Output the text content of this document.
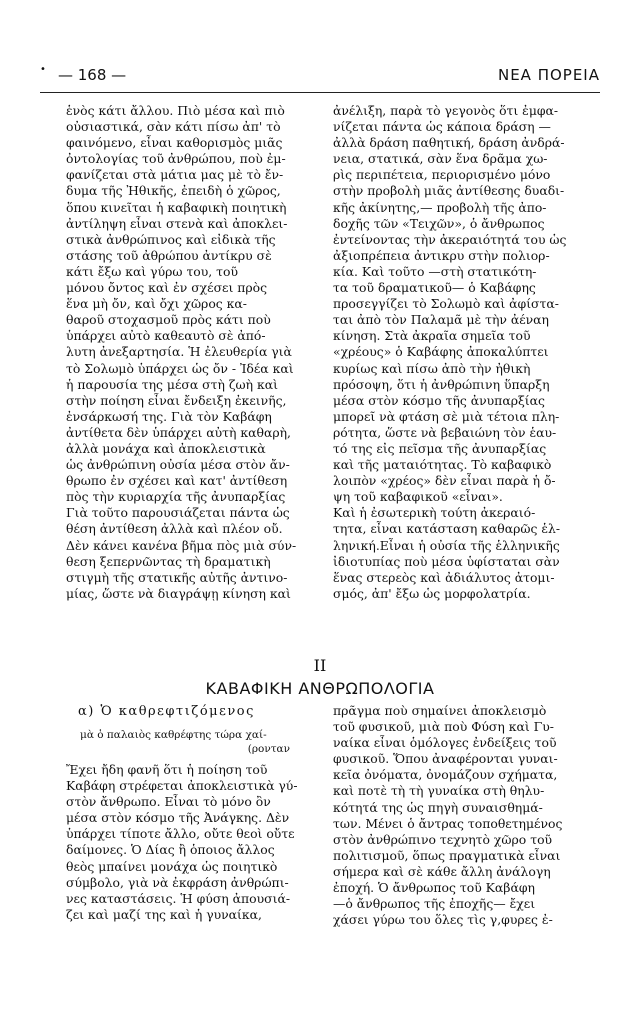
• — 168 —	ΝΕΑ ΠΟΡΕΙΑ
ἑνὸς κάτι ἄλλου. Πιὸ μέσα καὶ πιὸ
οὐσιαστικά, σὰν κάτι πίσω ἀπ' τὸ
φαινόμενο, εἶναι καθορισμὸς μιᾶς
ὀντολογίας τοῦ ἀνθρώπου, ποὺ ἐμ-
φανίζεται στὰ μάτια μας μὲ τὸ ἔν-
δυμα τῆς Ἠθικῆς, ἐπειδὴ ὁ χῶρος,
ὅπου κινεῖται ἡ καβαφικὴ ποιητικὴ
ἀντίληψη εἶναι στενὰ καὶ ἀποκλει-
στικὰ ἀνθρώπινος καὶ εἰδικὰ τῆς
στάσης τοῦ ἀθρώπου ἀντίκρυ σὲ
κάτι ἔξω καὶ γύρω του, τοῦ
μόνου ὄντος καὶ ἐν σχέσει πρὸς
ἕνα μὴ ὄν, καὶ ὄχι χῶρος κα-
θαροῦ στοχασμοῦ πρὸς κάτι ποὺ
ὑπάρχει αὐτὸ καθεαυτὸ σὲ ἀπό-
λυτη ἀνεξαρτησία. Ἡ ἐλευθερία γιὰ
τὸ Σολωμὸ ὑπάρχει ὡς ὄν - Ἰδέα καὶ
ἡ παρουσία της μέσα στὴ ζωὴ καὶ
στὴν ποίηση εἶναι ἔνδειξη ἐκεινῆς,
ἐνσάρκωσή της. Γιὰ τὸν Καβάφη
ἀντίθετα δὲν ὑπάρχει αὐτὴ καθαρὴ,
ἀλλὰ μονάχα καὶ ἀποκλειστικὰ
ὡς ἀνθρώπινη οὐσία μέσα στὸν ἄν-
θρωπο ἐν σχέσει καὶ κατ' ἀντίθεση
πὸς τὴν κυριαρχία τῆς ἀνυπαρξίας
Γιὰ τοῦτο παρουσιάζεται πάντα ὡς
θέση ἀντίθεση ἀλλὰ καὶ πλέον οὔ.
Δὲν κάνει κανένα βῆμα πὸς μιὰ σύν-
θεση ξεπερνῶντας τὴ δραματικὴ
στιγμὴ τῆς στατικῆς αὐτῆς ἀντινο-
μίας, ὥστε νὰ διαγράψῃ κίνηση καὶ
ἀνέλιξη, παρὰ τὸ γεγονὸς ὅτι ἐμφα-
νίζεται πάντα ὡς κάποια δράση —
ἀλλὰ δράση παθητική, δράση ἀνδρά-
νεια, στατικά, σὰν ἕνα δρᾶμα χω-
ρὶς περιπέτεια, περιορισμένο μόνο
στὴν προβολὴ μιᾶς ἀντίθεσης δυαδι-
κῆς ἀκίνητης,— προβολὴ τῆς ἀπο-
δοχῆς τῶν «Τειχῶν», ὁ ἄνθρωπος
ἐντείνοντας τὴν ἀκεραιότητά του ὡς
ἀξιοπρέπεια ἀντικρυ στὴν πολιορ-
κία. Καὶ τοῦτο —στὴ στατικότη-
τα τοῦ δραματικοῦ— ὁ Καβάφης
προσεγγίζει τὸ Σολωμὸ καὶ ἀφίστα-
ται ἀπὸ τὸν Παλαμᾶ μὲ τὴν ἀέναη
κίνηση. Στὰ ἀκραῖα σημεῖα τοῦ
«χρέους» ὁ Καβάφης ἀποκαλύπτει
κυρίως καὶ πίσω ἀπὸ τὴν ἠθικὴ
πρόσοψη, ὅτι ἡ ἀνθρώπινη ὕπαρξη
μέσα στὸν κόσμο τῆς ἀνυπαρξίας
μπορεῖ νὰ φτάση σὲ μιὰ τέτοια πλη-
ρότητα, ὥστε νὰ βεβαιώνη τὸν ἑαυ-
τό της εἰς πεῖσμα τῆς ἀνυπαρξίας
καὶ τῆς ματαιότητας. Τὸ καβαφικὸ
λοιπὸν «χρέος» δὲν εἶναι παρὰ ἡ ὄ-
ψη τοῦ καβαφικοῦ «εἶναι».
Καὶ ἡ ἐσωτερικὴ τούτη ἀκεραιό-
τητα, εἶναι κατάσταση καθαρῶς ἑλ-
ληνική.Εἶναι ἡ οὐσία τῆς ἑλληνικῆς
ἰδιοτυπίας ποὺ μέσα ὑφίσταται σὰν
ἕνας στερεὸς καὶ ἀδιάλυτος ἀτομι-
σμός, ἀπ' ἔξω ὡς μορφολατρία.
II
ΚΑΒΑΦΙΚΗ ΑΝΘΡΩΠΟΛΟΓΙΑ
α) Ὁ καθρεφτιζόμενος
μὰ ὁ παλαιὸς καθρέφτης τώρα χαί-
(ρονταν
Ἔχει ἤδη φανῆ ὅτι ἡ ποίηση τοῦ
Καβάφη στρέφεται ἀποκλειστικὰ γύ-
στὸν ἄνθρωπο. Εἶναι τὸ μόνο ὂν
μέσα στὸν κόσμο τῆς Ἀνάγκης. Δὲν
ὑπάρχει τίποτε ἄλλο, οὔτε θεοὶ οὔτε
δαίμονες. Ὁ Δίας ἢ ὁποιος ἄλλος
θεὸς μπαίνει μονάχα ὡς ποιητικὸ
σύμβολο, γιὰ νὰ ἐκφράση ἀνθρώπι-
νες καταστάσεις. Ἡ φύση ἀπουσιά-
ζει καὶ μαζί της καὶ ἡ γυναίκα,
πρᾶγμα ποὺ σημαίνει ἀποκλεισμὸ
τοῦ φυσικοῦ, μιὰ ποὺ Φύση καὶ Γυ-
ναίκα εἶναι ὁμόλογες ἐνδείξεις τοῦ
φυσικοῦ. Ὅπου ἀναφέρονται γυναι-
κεῖα ὀνόματα, ὀνομάζουν σχήματα,
καὶ ποτὲ τὴ τὴ γυναίκα στὴ θηλυ-
κότητά της ὡς πηγὴ συναισθημά-
των. Μένει ὁ ἄντρας τοποθετημένος
στὸν ἀνθρώπινο τεχνητὸ χῶρο τοῦ
πολιτισμοῦ, ὅπως πραγματικὰ εἶναι
σήμερα καὶ σὲ κάθε ἄλλη ἀνάλογη
ἐποχή. Ὁ ἄνθρωπος τοῦ Καβάφη
—ὁ ἄνθρωπος τῆς ἐποχῆς— ἔχει
χάσει γύρω του ὅλες τὶς γ,φυρες ἐ-
